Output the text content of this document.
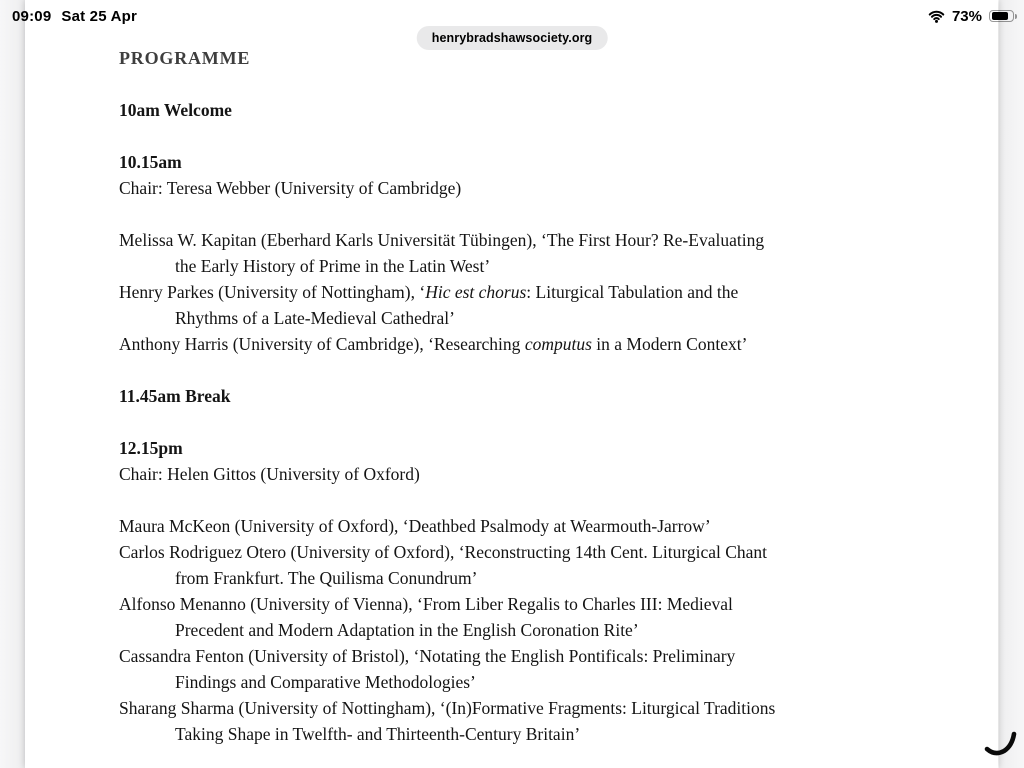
09:09 Sat 25 Apr	73%
henrybradshawsociety.org
PROGRAMME
10am Welcome
10.15am
Chair: Teresa Webber (University of Cambridge)
Melissa W. Kapitan (Eberhard Karls Universität Tübingen), ‘The First Hour? Re-Evaluating
the Early History of Prime in the Latin West’
Henry Parkes (University of Nottingham), ‘Hic est chorus: Liturgical Tabulation and the
Rhythms of a Late-Medieval Cathedral’
Anthony Harris (University of Cambridge), ‘Researching computus in a Modern Context’
11.45am Break
12.15pm
Chair: Helen Gittos (University of Oxford)
Maura McKeon (University of Oxford), ‘Deathbed Psalmody at Wearmouth-Jarrow’
Carlos Rodriguez Otero (University of Oxford), ‘Reconstructing 14th Cent. Liturgical Chant
from Frankfurt. The Quilisma Conundrum’
Alfonso Menanno (University of Vienna), ‘From Liber Regalis to Charles III: Medieval
Precedent and Modern Adaptation in the English Coronation Rite’
Cassandra Fenton (University of Bristol), ‘Notating the English Pontificals: Preliminary
Findings and Comparative Methodologies’
Sharang Sharma (University of Nottingham), ‘(In)Formative Fragments: Liturgical Traditions
Taking Shape in Twelfth- and Thirteenth-Century Britain’
